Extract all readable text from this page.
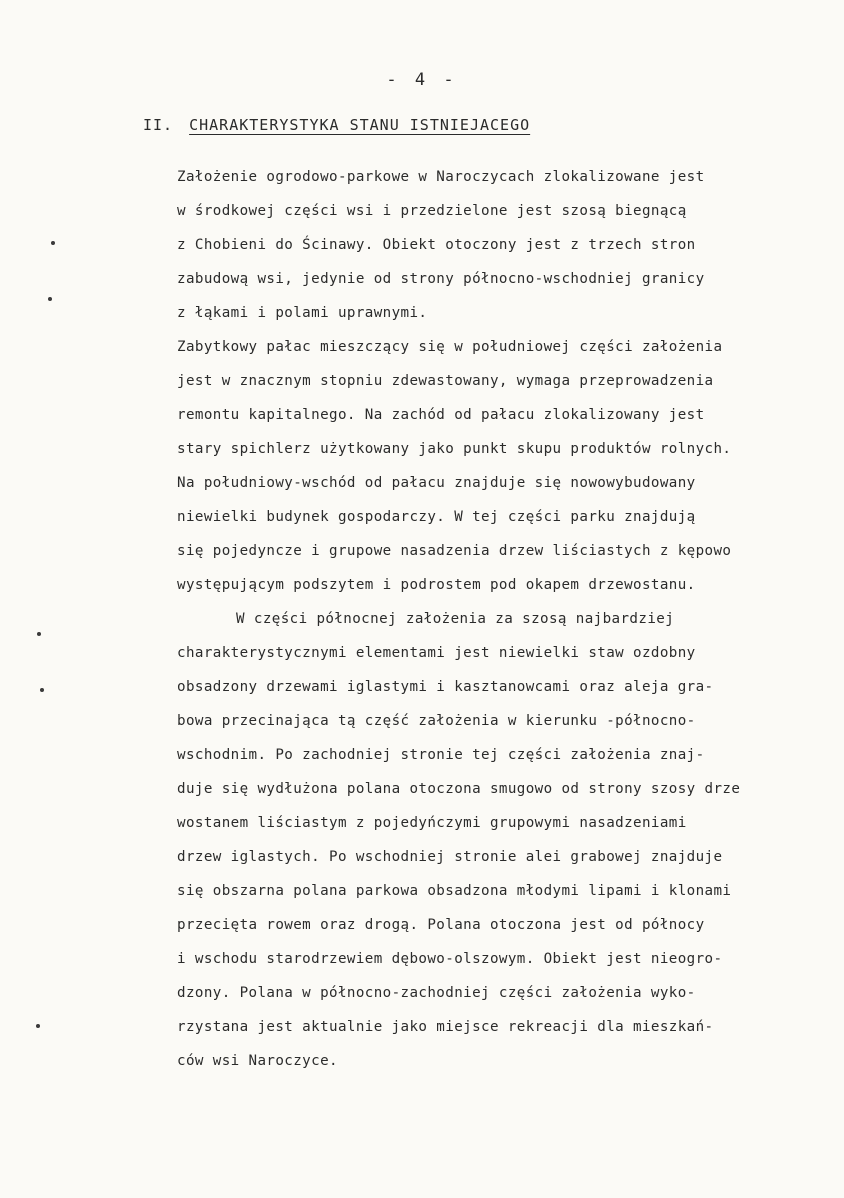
- 4 -
II. CHARAKTERYSTYKA STANU ISTNIEJACEGO
Założenie ogrodowo-parkowe w Naroczycach zlokalizowane jest
w środkowej części wsi i przedzielone jest szosą biegnącą
z Chobieni do Ścinawy. Obiekt otoczony jest z trzech stron
zabudową wsi, jedynie od strony północno-wschodniej granicy
z łąkami i polami uprawnymi.
Zabytkowy pałac mieszczący się w południowej części założenia
jest w znacznym stopniu zdewastowany, wymaga przeprowadzenia
remontu kapitalnego. Na zachód od pałacu zlokalizowany jest
stary spichlerz użytkowany jako punkt skupu produktów rolnych.
Na południowy-wschód od pałacu znajduje się nowowybudowany
niewielki budynek gospodarczy. W tej części parku znajdują
się pojedyncze i grupowe nasadzenia drzew liściastych z kępowo
występującym podszytem i podrostem pod okapem drzewostanu.
W części północnej założenia za szosą najbardziej
charakterystycznymi elementami jest niewielki staw ozdobny
obsadzony drzewami iglastymi i kasztanowcami oraz aleja gra-
bowa przecinająca tą część założenia w kierunku -północno-
wschodnim. Po zachodniej stronie tej części założenia znaj-
duje się wydłużona polana otoczona smugowo od strony szosy drze
wostanem liściastym z pojedyńczymi grupowymi nasadzeniami
drzew iglastych. Po wschodniej stronie alei grabowej znajduje
się obszarna polana parkowa obsadzona młodymi lipami i klonami
przecięta rowem oraz drogą. Polana otoczona jest od północy
i wschodu starodrzewiem dębowo-olszowym. Obiekt jest nieogro-
dzony. Polana w północno-zachodniej części założenia wyko-
rzystana jest aktualnie jako miejsce rekreacji dla mieszkań-
ców wsi Naroczyce.
